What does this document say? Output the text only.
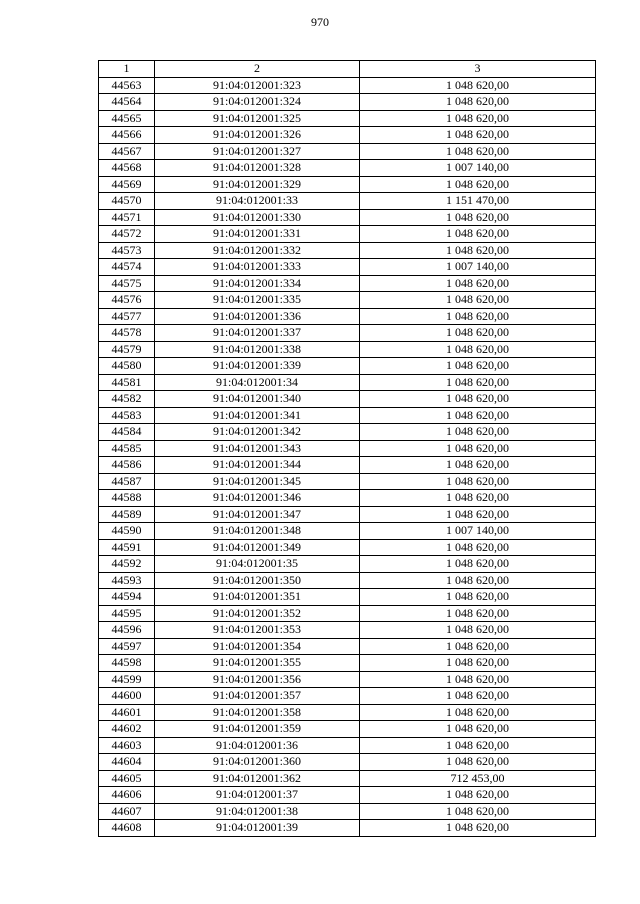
970
1	2	3
44563	91:04:012001:323	1 048 620,00
44564	91:04:012001:324	1 048 620,00
44565	91:04:012001:325	1 048 620,00
44566	91:04:012001:326	1 048 620,00
44567	91:04:012001:327	1 048 620,00
44568	91:04:012001:328	1 007 140,00
44569	91:04:012001:329	1 048 620,00
44570	91:04:012001:33	1 151 470,00
44571	91:04:012001:330	1 048 620,00
44572	91:04:012001:331	1 048 620,00
44573	91:04:012001:332	1 048 620,00
44574	91:04:012001:333	1 007 140,00
44575	91:04:012001:334	1 048 620,00
44576	91:04:012001:335	1 048 620,00
44577	91:04:012001:336	1 048 620,00
44578	91:04:012001:337	1 048 620,00
44579	91:04:012001:338	1 048 620,00
44580	91:04:012001:339	1 048 620,00
44581	91:04:012001:34	1 048 620,00
44582	91:04:012001:340	1 048 620,00
44583	91:04:012001:341	1 048 620,00
44584	91:04:012001:342	1 048 620,00
44585	91:04:012001:343	1 048 620,00
44586	91:04:012001:344	1 048 620,00
44587	91:04:012001:345	1 048 620,00
44588	91:04:012001:346	1 048 620,00
44589	91:04:012001:347	1 048 620,00
44590	91:04:012001:348	1 007 140,00
44591	91:04:012001:349	1 048 620,00
44592	91:04:012001:35	1 048 620,00
44593	91:04:012001:350	1 048 620,00
44594	91:04:012001:351	1 048 620,00
44595	91:04:012001:352	1 048 620,00
44596	91:04:012001:353	1 048 620,00
44597	91:04:012001:354	1 048 620,00
44598	91:04:012001:355	1 048 620,00
44599	91:04:012001:356	1 048 620,00
44600	91:04:012001:357	1 048 620,00
44601	91:04:012001:358	1 048 620,00
44602	91:04:012001:359	1 048 620,00
44603	91:04:012001:36	1 048 620,00
44604	91:04:012001:360	1 048 620,00
44605	91:04:012001:362	712 453,00
44606	91:04:012001:37	1 048 620,00
44607	91:04:012001:38	1 048 620,00
44608	91:04:012001:39	1 048 620,00
